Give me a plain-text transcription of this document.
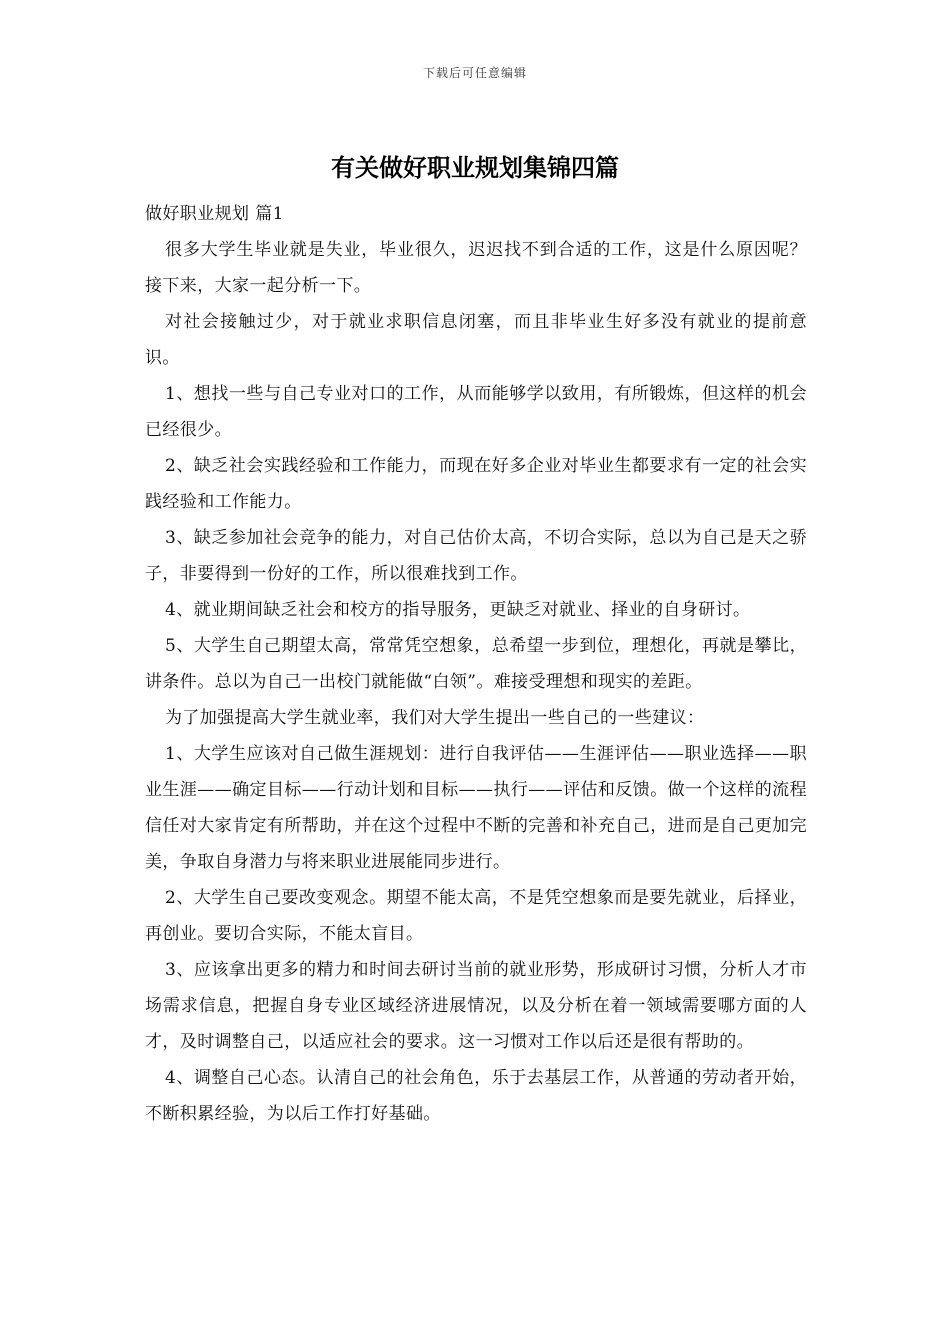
下载后可任意编辑
有关做好职业规划集锦四篇

做好职业规划 篇1

很多大学生毕业就是失业，毕业很久，迟迟找不到合适的工作，这是什么原因呢？接下来，大家一起分析一下。

对社会接触过少，对于就业求职信息闭塞，而且非毕业生好多没有就业的提前意识。

1、想找一些与自己专业对口的工作，从而能够学以致用，有所锻炼，但这样的机会已经很少。

2、缺乏社会实践经验和工作能力，而现在好多企业对毕业生都要求有一定的社会实践经验和工作能力。

3、缺乏参加社会竞争的能力，对自己估价太高，不切合实际，总以为自己是天之骄子，非要得到一份好的工作，所以很难找到工作。

4、就业期间缺乏社会和校方的指导服务，更缺乏对就业、择业的自身研讨。

5、大学生自己期望太高，常常凭空想象，总希望一步到位，理想化，再就是攀比，讲条件。总以为自己一出校门就能做“白领”。难接受理想和现实的差距。

为了加强提高大学生就业率，我们对大学生提出一些自己的一些建议：

1、大学生应该对自己做生涯规划：进行自我评估——生涯评估——职业选择——职业生涯——确定目标——行动计划和目标——执行——评估和反馈。做一个这样的流程信任对大家肯定有所帮助，并在这个过程中不断的完善和补充自己，进而是自己更加完美，争取自身潜力与将来职业进展能同步进行。

2、大学生自己要改变观念。期望不能太高，不是凭空想象而是要先就业，后择业，再创业。要切合实际，不能太盲目。

3、应该拿出更多的精力和时间去研讨当前的就业形势，形成研讨习惯，分析人才市场需求信息，把握自身专业区域经济进展情况，以及分析在着一领域需要哪方面的人才，及时调整自己，以适应社会的要求。这一习惯对工作以后还是很有帮助的。

4、调整自己心态。认清自己的社会角色，乐于去基层工作，从普通的劳动者开始，不断积累经验，为以后工作打好基础。
